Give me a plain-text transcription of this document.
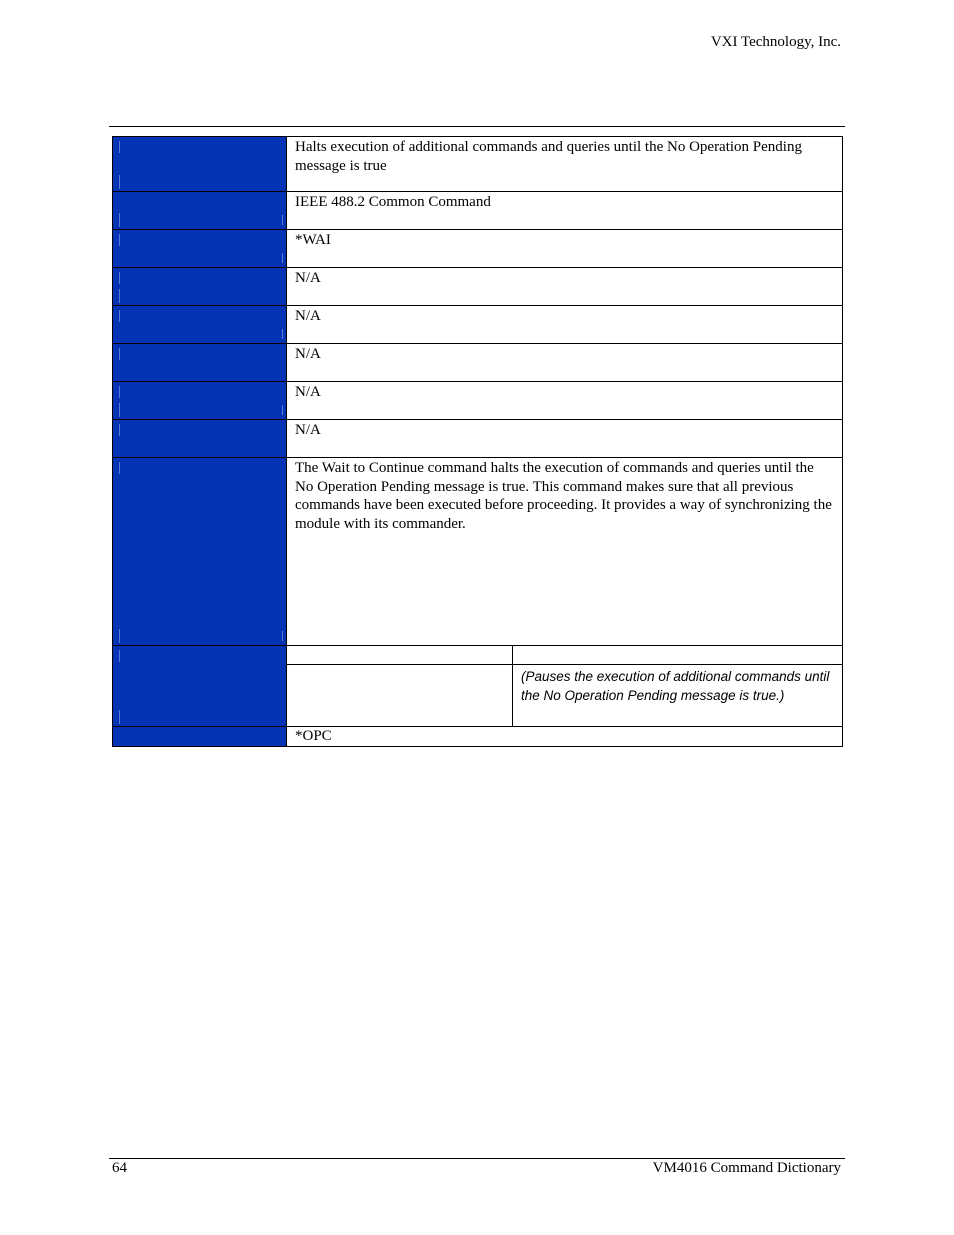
VXI Technology, Inc.

	Halts execution of additional commands and queries until the No Operation Pending message is true	

	IEEE 488.2 Common Command	

	*WAI	

	N/A	

	N/A	

	N/A	

	N/A	

	N/A	

	The Wait to Continue command halts the execution of commands and queries until the No Operation Pending message is true. This command makes sure that all previous commands have been executed before proceeding. It provides a way of synchronizing the module with its commander.	

		(Pauses the execution of additional commands until the No Operation Pending message is true.)

	*OPC	
64	VM4016 Command Dictionary
